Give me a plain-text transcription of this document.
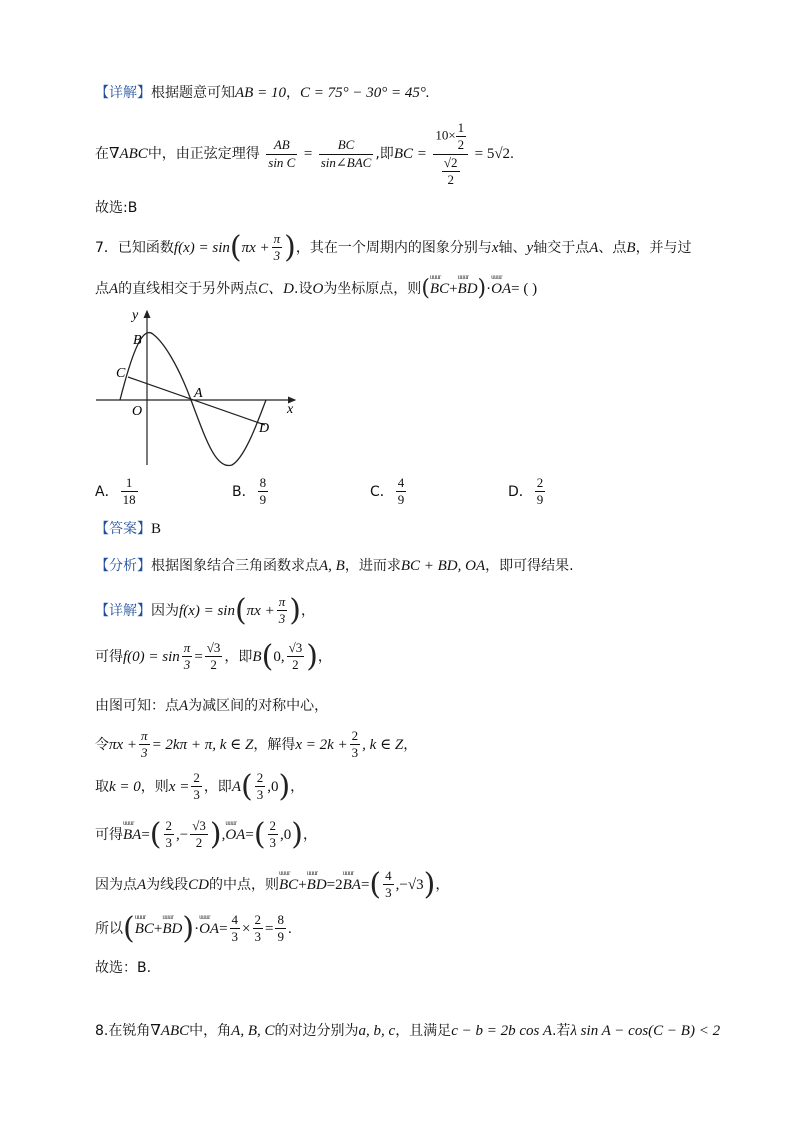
【详解】根据题意可知AB = 10，C = 75° − 30° = 45°.
在∇ABC中，由正弦定理得 $\frac{AB}{\text{sin C}} = \frac{BC}{\text{sin∠BAC}}$ ,即BC = $\frac{10\times \frac{1}{2}}{\frac{√2}{2}} = 5√2$.
故选:B
7．已知函数$f(x) = \sin(\pi x + \frac{\pi}{3}$ )，其在一个周期内的图象分别与x轴、y轴交于点A、点B，并与过
点A的直线相交于另外两点C、D.设O为坐标原点，则(uuur BC+uuur BD)·uuur OA= ( )
y
x
O
A
B
C
D
A． $\frac{1}{18}$	B． $\frac{8}{9}$	C． $\frac{4}{9}$	D． $\frac{2}{9}$
【答案】B
【分析】根据图象结合三角函数求点A, B，进而求BC + BD, OA，即可得结果.
【详解】因为$f(x) = \sin(\pi x + \frac{\pi}{3}$ )，
可得$f(0) = \sin \frac{\pi}{3} = \frac{√3}{2}$ ，即B(0, $\frac{√3}{2}$ )，
由图可知：点A为减区间的对称中心，
令$\pi x + \frac{\pi}{3} = 2k\pi + \pi$, k ∈ Z，解得$x = 2k + \frac{2}{3}$ , k ∈ Z，
取k = 0，则$x = \frac{2}{3}$ ，即$A( \frac{2}{3} ,0)$，
可得uuur $BA=( \frac{2}{3}$ ,− $\frac{√3}{2}$ ),uuur $OA=( \frac{2}{3} ,0)$，
因为点A为线段CD的中点，则uuur BC+uuur BD=2uuur $BA=( \frac{4}{3} ,-√3)$，
所以(uuur BC+uuur BD)·uuur $OA= \frac{4}{3} \times \frac{2}{3} = \frac{8}{9}$ .
故选：B.
8.在锐角∇ABC中，角A, B, C的对边分别为a, b, c，且满足c − b = 2b cos A.若λ sin A − cos(C − B) < 2
